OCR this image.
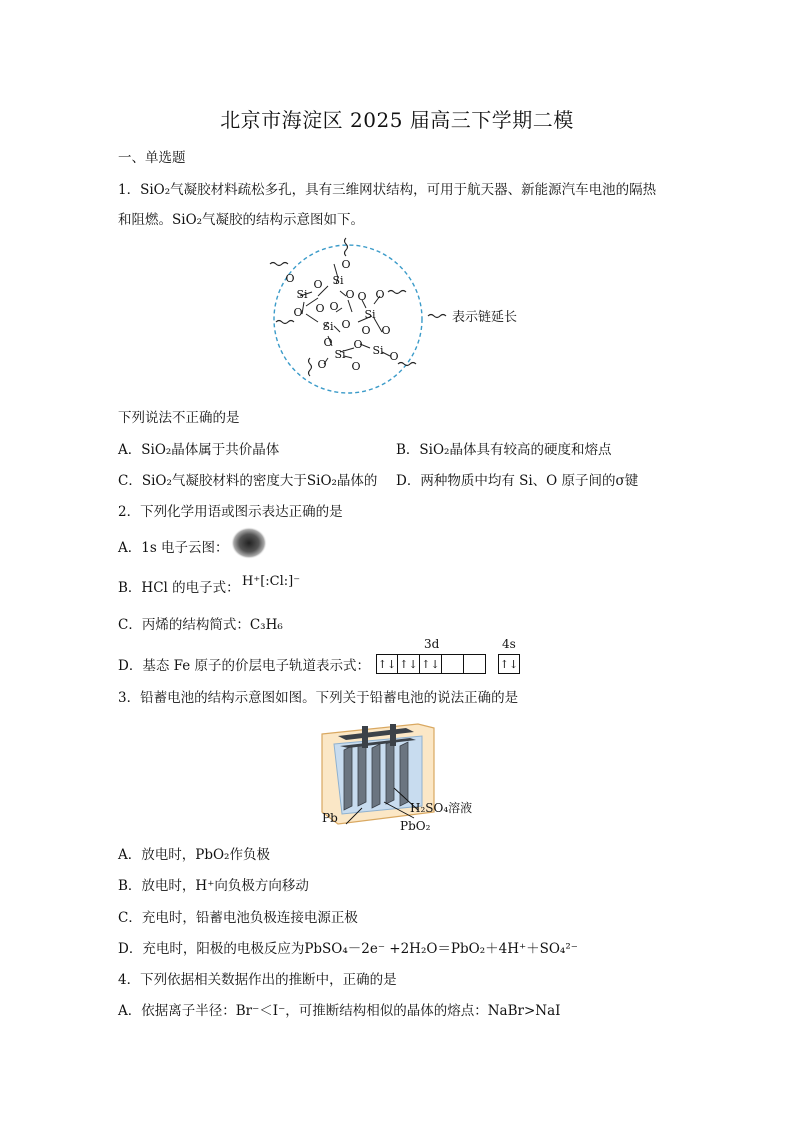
北京市海淀区 2025 届高三下学期二模
一、单选题
1．SiO₂气凝胶材料疏松多孔，具有三维网状结构，可用于航天器、新能源汽车电池的隔热
和阻燃。SiO₂气凝胶的结构示意图如下。
O
Si
O
O
Si
O O
O
O
Si O
O O
Si
O
O
O
Si
O Si
O
O
O
表示链延长
下列说法不正确的是
A．SiO₂晶体属于共价晶体	B．SiO₂晶体具有较高的硬度和熔点
C．SiO₂气凝胶材料的密度大于SiO₂晶体的 D．两种物质中均有 Si、O 原子间的σ键
2．下列化学用语或图示表达正确的是
A．1s 电子云图：
B．HCl 的电子式： H⁺[:Cl:]⁻
C．丙烯的结构简式：C₃H₆
D．基态 Fe 原子的价层电子轨道表示式：
3d	4s
↑↓ ↑↓ ↑↓	↑↓
3．铅蓄电池的结构示意图如图。下列关于铅蓄电池的说法正确的是
Pb
H₂SO₄溶液
PbO₂
A．放电时，PbO₂作负极
B．放电时，H⁺向负极方向移动
C．充电时，铅蓄电池负极连接电源正极
D．充电时，阳极的电极反应为PbSO₄－2e⁻ +2H₂O＝PbO₂＋4H⁺＋SO₄²⁻
4．下列依据相关数据作出的推断中，正确的是
A．依据离子半径：Br⁻＜I⁻，可推断结构相似的晶体的熔点：NaBr>NaI
